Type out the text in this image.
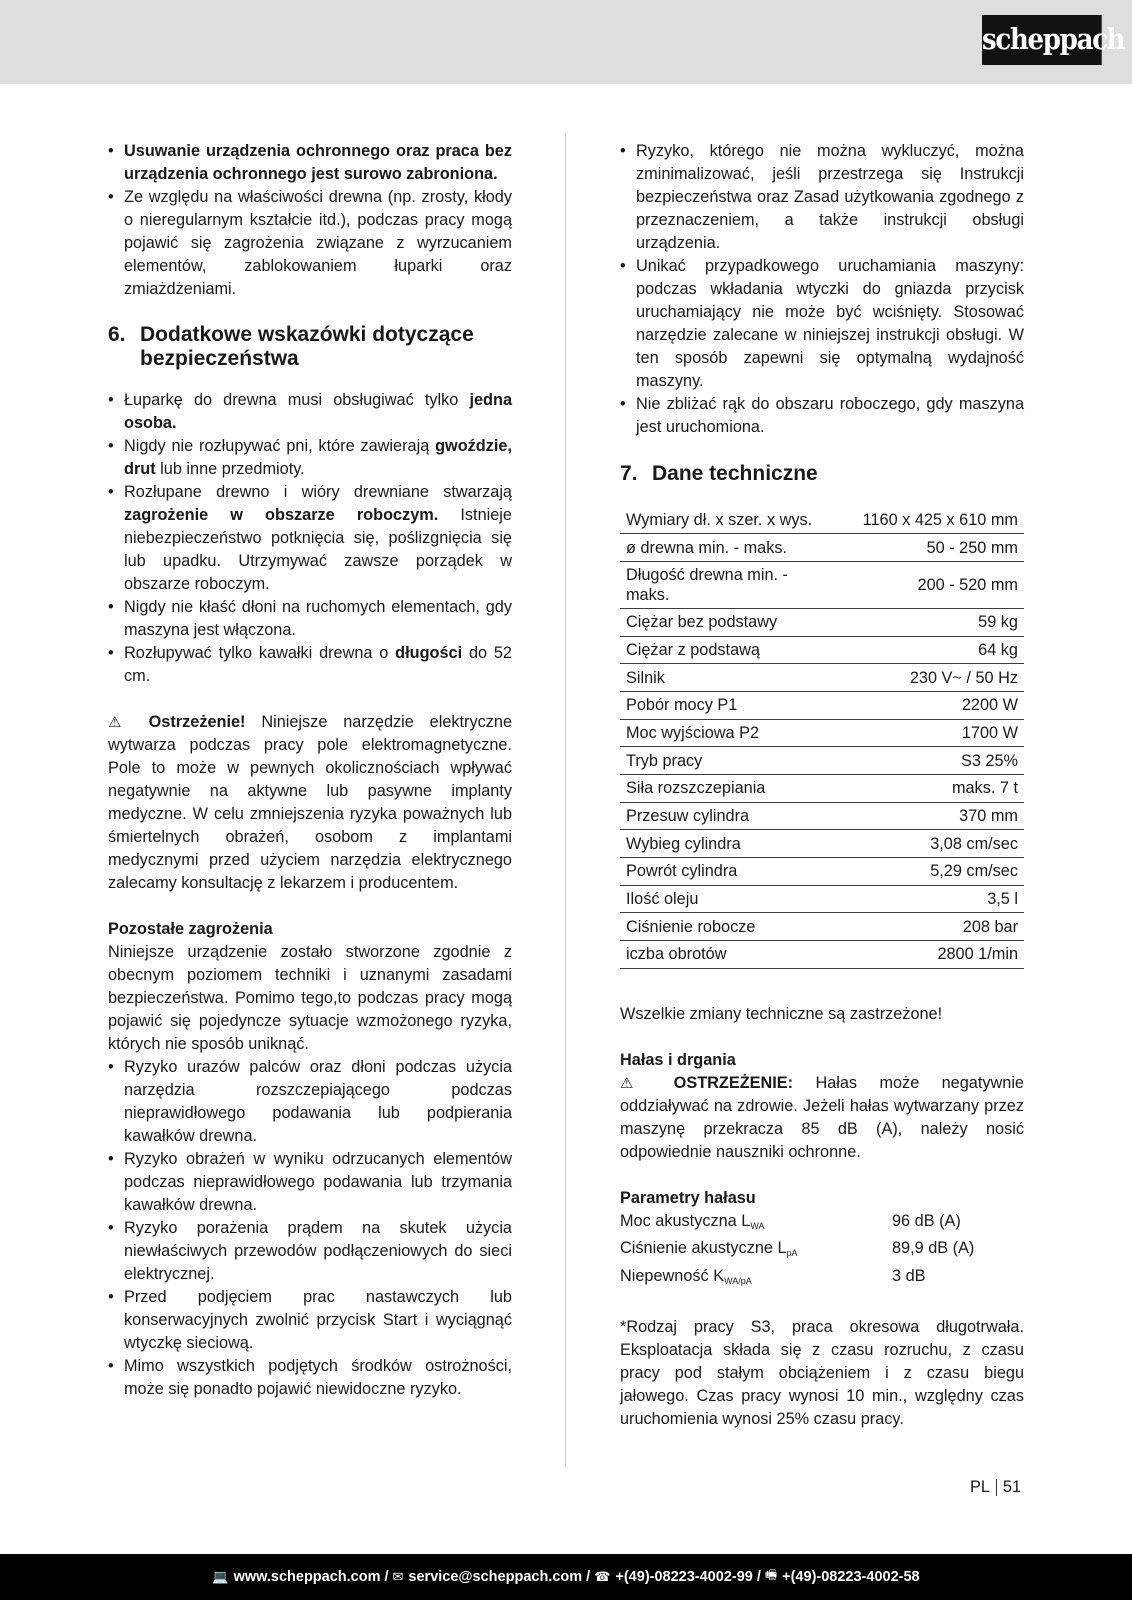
scheppach
• Usuwanie urządzenia ochronnego oraz praca bez urządzenia ochronnego jest surowo zabroniona.
• Ze względu na właściwości drewna (np. zrosty, kłody o nieregularnym kształcie itd.), podczas pracy mogą pojawić się zagrożenia związane z wyrzucaniem elementów, zablokowaniem łuparki oraz zmiażdżeniami.
6. Dodatkowe wskazówki dotyczące bezpieczeństwa
• Łuparkę do drewna musi obsługiwać tylko jedna osoba.
• Nigdy nie rozłupywać pni, które zawierają gwoździe, drut lub inne przedmioty.
• Rozłupane drewno i wióry drewniane stwarzają zagrożenie w obszarze roboczym. Istnieje niebezpieczeństwo potknięcia się, poślizgnięcia się lub upadku. Utrzymywać zawsze porządek w obszarze roboczym.
• Nigdy nie kłaść dłoni na ruchomych elementach, gdy maszyna jest włączona.
• Rozłupywać tylko kawałki drewna o długości do 52 cm.

⚠ Ostrzeżenie! Niniejsze narzędzie elektryczne wytwarza podczas pracy pole elektromagnetyczne. Pole to może w pewnych okolicznościach wpływać negatywnie na aktywne lub pasywne implanty medyczne. W celu zmniejszenia ryzyka poważnych lub śmiertelnych obrażeń, osobom z implantami medycznymi przed użyciem narzędzia elektrycznego zalecamy konsultację z lekarzem i producentem.

Pozostałe zagrożenia

Niniejsze urządzenie zostało stworzone zgodnie z obecnym poziomem techniki i uznanymi zasadami bezpieczeństwa. Pomimo tego,to podczas pracy mogą pojawić się pojedyncze sytuacje wzmożonego ryzyka, których nie sposób uniknąć.

• Ryzyko urazów palców oraz dłoni podczas użycia narzędzia rozszczepiającego podczas nieprawidłowego podawania lub podpierania kawałków drewna.
• Ryzyko obrażeń w wyniku odrzucanych elementów podczas nieprawidłowego podawania lub trzymania kawałków drewna.
• Ryzyko porażenia prądem na skutek użycia niewłaściwych przewodów podłączeniowych do sieci elektrycznej.
• Przed podjęciem prac nastawczych lub konserwacyjnych zwolnić przycisk Start i wyciągnąć wtyczkę sieciową.
• Mimo wszystkich podjętych środków ostrożności, może się ponadto pojawić niewidoczne ryzyko.
• Ryzyko, którego nie można wykluczyć, można zminimalizować, jeśli przestrzega się Instrukcji bezpieczeństwa oraz Zasad użytkowania zgodnego z przeznaczeniem, a także instrukcji obsługi urządzenia.
• Unikać przypadkowego uruchamiania maszyny: podczas wkładania wtyczki do gniazda przycisk uruchamiający nie może być wciśnięty. Stosować narzędzie zalecane w niniejszej instrukcji obsługi. W ten sposób zapewni się optymalną wydajność maszyny.
• Nie zbliżać rąk do obszaru roboczego, gdy maszyna jest uruchomiona.
7. Dane techniczne
Wymiary dł. x szer. x wys.	1160 x 425 x 610 mm
ø drewna min. - maks.	50 - 250 mm
Długość drewna min. - maks.	200 - 520 mm
Ciężar bez podstawy	59 kg
Ciężar z podstawą	64 kg
Silnik	230 V~ / 50 Hz
Pobór mocy P1	2200 W
Moc wyjściowa P2	1700 W
Tryb pracy	S3 25%
Siła rozszczepiania	maks. 7 t
Przesuw cylindra	370 mm
Wybieg cylindra	3,08 cm/sec
Powrót cylindra	5,29 cm/sec
Ilość oleju	3,5 l
Ciśnienie robocze	208 bar
iczba obrotów	2800 1/min

Wszelkie zmiany techniczne są zastrzeżone!

Hałas i drgania

⚠ OSTRZEŻENIE: Hałas może negatywnie oddziaływać na zdrowie. Jeżeli hałas wytwarzany przez maszynę przekracza 85 dB (A), należy nosić odpowiednie nauszniki ochronne.

Parametry hałasu

Moc akustyczna $L_{WA}$	96 dB (A)
Ciśnienie akustyczne $L_{pA}$	89,9 dB (A)
Niepewność $K_{WA/pA}$	3 dB

*Rodzaj pracy S3, praca okresowa długotrwała. Eksploatacja składa się z czasu rozruchu, z czasu pracy pod stałym obciążeniem i z czasu biegu jałowego. Czas pracy wynosi 10 min., względny czas uruchomienia wynosi 25% czasu pracy.

PL 51
💻 www.scheppach.com / ✉ service@scheppach.com / ☎ +(49)-08223-4002-99 / 🖷 +(49)-08223-4002-58
